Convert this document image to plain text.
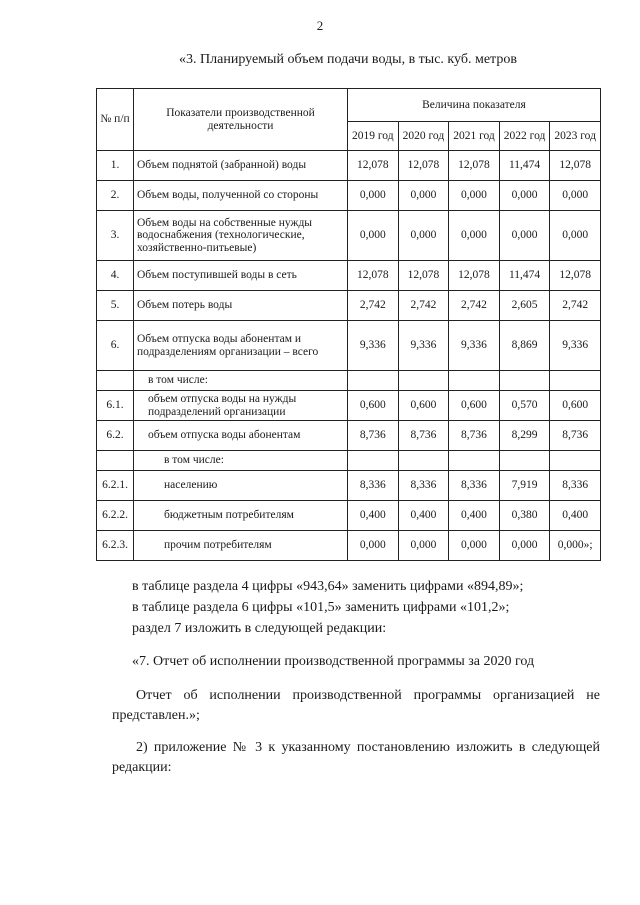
2
«3. Планируемый объем подачи воды, в тыс. куб. метров
№ п/п	Показатели производственной деятельности	Величина показателя				
		2019 год	2020 год	2021 год	2022 год	2023 год
1.	Объем поднятой (забранной) воды	12,078	12,078	12,078	11,474	12,078
2.	Объем воды, полученной со стороны	0,000	0,000	0,000	0,000	0,000
3.	Объем воды на собственные нужды водоснабжения (технологические, хозяйственно-питьевые)	0,000	0,000	0,000	0,000	0,000
4.	Объем поступившей воды в сеть	12,078	12,078	12,078	11,474	12,078
5.	Объем потерь воды	2,742	2,742	2,742	2,605	2,742
6.	Объем отпуска воды абонентам и подразделениям организации – всего	9,336	9,336	9,336	8,869	9,336
	в том числе:					
6.1.	объем отпуска воды на нужды подразделений организации	0,600	0,600	0,600	0,570	0,600
6.2.	объем отпуска воды абонентам	8,736	8,736	8,736	8,299	8,736
	в том числе:					
6.2.1.	населению	8,336	8,336	8,336	7,919	8,336
6.2.2.	бюджетным потребителям	0,400	0,400	0,400	0,380	0,400
6.2.3.	прочим потребителям	0,000	0,000	0,000	0,000	0,000»;
в таблице раздела 4 цифры «943,64» заменить цифрами «894,89»;
в таблице раздела 6 цифры «101,5» заменить цифрами «101,2»;
раздел 7 изложить в следующей редакции:
«7. Отчет об исполнении производственной программы за 2020 год
Отчет об исполнении производственной программы организацией не представлен.»;
2) приложение № 3 к указанному постановлению изложить в следующей редакции:
